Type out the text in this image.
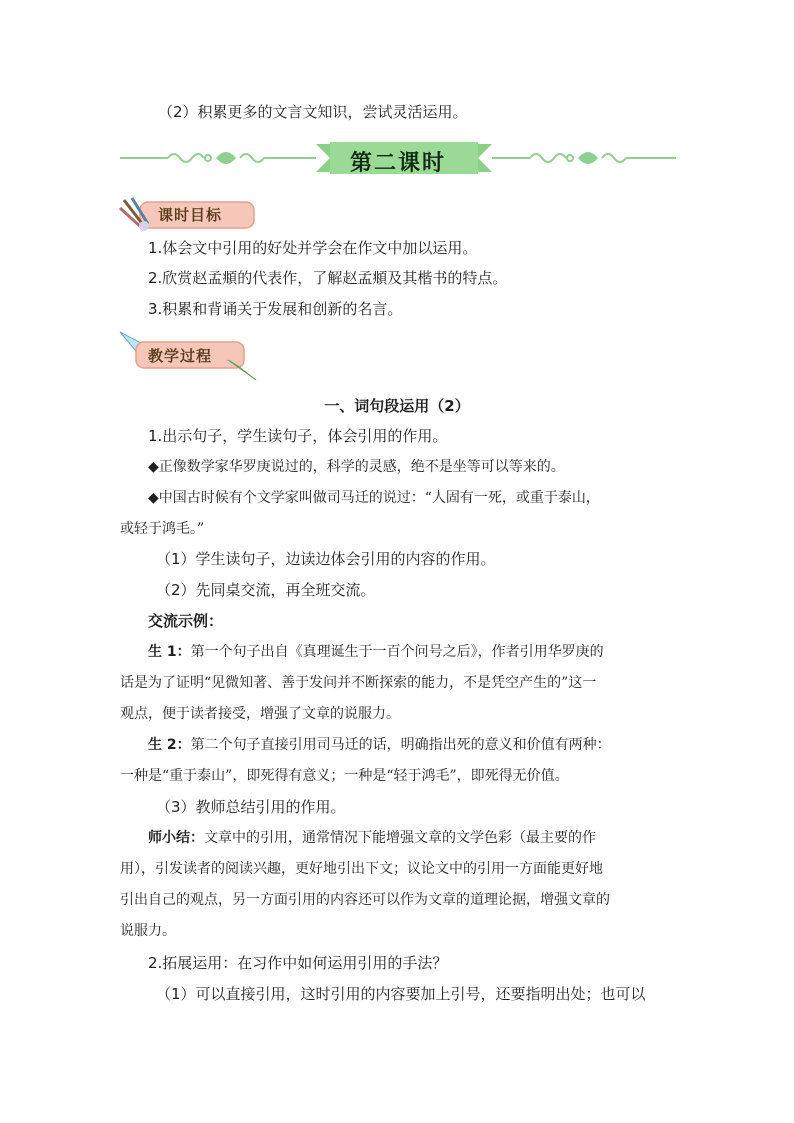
（2）积累更多的文言文知识，尝试灵活运用。
第二课时
课时目标
1.体会文中引用的好处并学会在作文中加以运用。
2.欣赏赵孟頫的代表作，了解赵孟頫及其楷书的特点。
3.积累和背诵关于发展和创新的名言。
教学过程
一、词句段运用（2）
1.出示句子，学生读句子，体会引用的作用。
◆正像数学家华罗庚说过的，科学的灵感，绝不是坐等可以等来的。
◆中国古时候有个文学家叫做司马迁的说过：“人固有一死，或重于泰山，
或轻于鸿毛。”
（1）学生读句子，边读边体会引用的内容的作用。
（2）先同桌交流，再全班交流。
交流示例：
生 1：第一个句子出自《真理诞生于一百个问号之后》，作者引用华罗庚的
话是为了证明“见微知著、善于发问并不断探索的能力，不是凭空产生的”这一
观点，便于读者接受，增强了文章的说服力。
生 2：第二个句子直接引用司马迁的话，明确指出死的意义和价值有两种：
一种是“重于泰山”，即死得有意义；一种是“轻于鸿毛”，即死得无价值。
（3）教师总结引用的作用。
师小结：文章中的引用，通常情况下能增强文章的文学色彩（最主要的作
用），引发读者的阅读兴趣，更好地引出下文；议论文中的引用一方面能更好地
引出自己的观点，另一方面引用的内容还可以作为文章的道理论据，增强文章的
说服力。
2.拓展运用：在习作中如何运用引用的手法？
（1）可以直接引用，这时引用的内容要加上引号，还要指明出处；也可以
